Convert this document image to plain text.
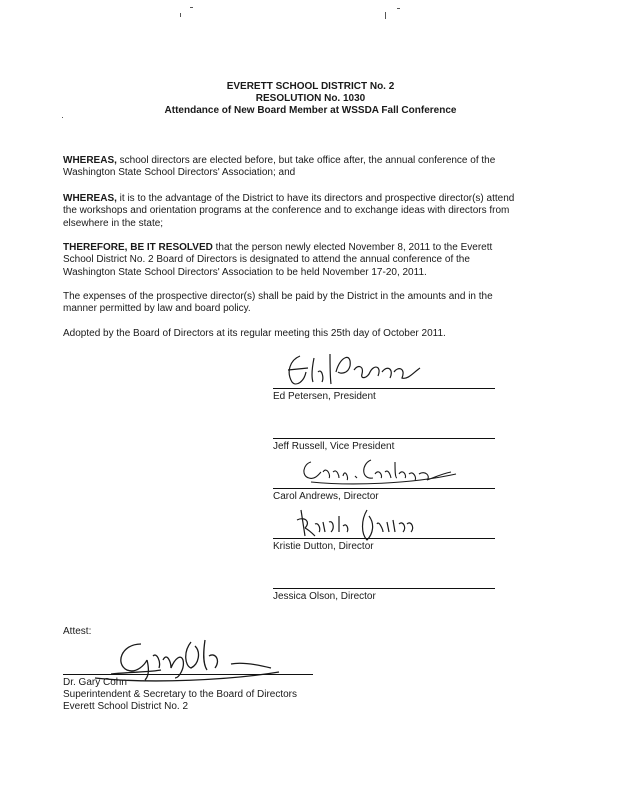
EVERETT SCHOOL DISTRICT No. 2
RESOLUTION No. 1030
Attendance of New Board Member at WSSDA Fall Conference
WHEREAS, school directors are elected before, but take office after, the annual conference of the Washington State School Directors' Association; and
WHEREAS, it is to the advantage of the District to have its directors and prospective director(s) attend the workshops and orientation programs at the conference and to exchange ideas with directors from elsewhere in the state;
THEREFORE, BE IT RESOLVED that the person newly elected November 8, 2011 to the Everett School District No. 2 Board of Directors is designated to attend the annual conference of the Washington State School Directors' Association to be held November 17-20, 2011.
The expenses of the prospective director(s) shall be paid by the District in the amounts and in the manner permitted by law and board policy.
Adopted by the Board of Directors at its regular meeting this 25th day of October 2011.
Ed Petersen, President
Jeff Russell, Vice President
Carol Andrews, Director
Kristie Dutton, Director
Jessica Olson, Director
Attest:
Dr. Gary Cohn
Superintendent & Secretary to the Board of Directors
Everett School District No. 2
